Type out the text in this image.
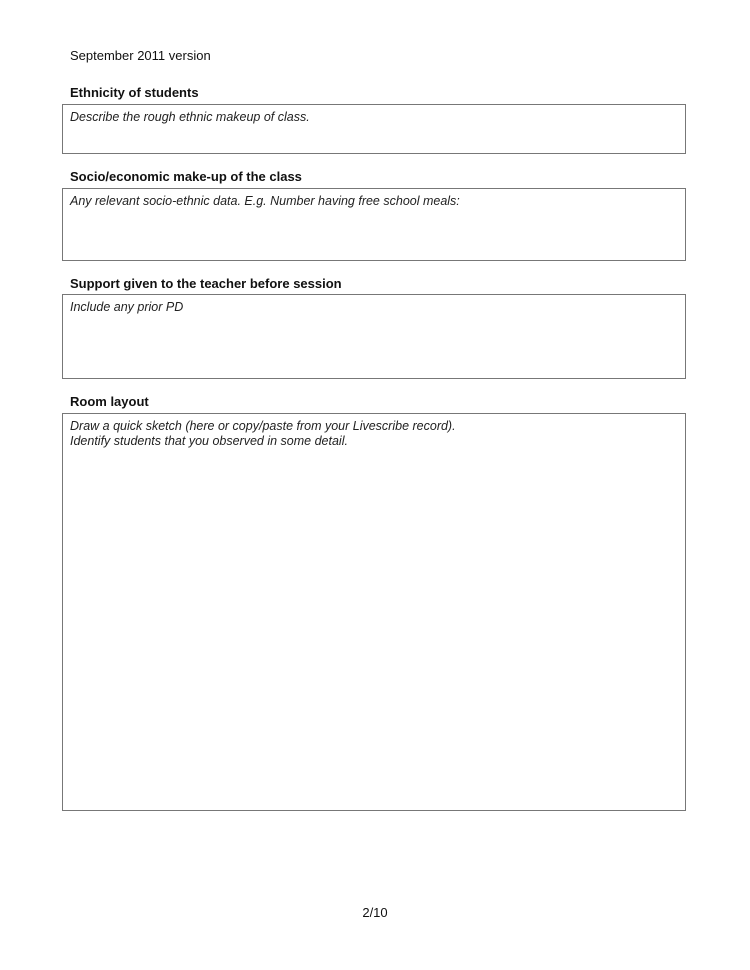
September 2011 version
Ethnicity of students
Describe the rough ethnic makeup of class.
Socio/economic make-up of the class
Any relevant socio-ethnic data. E.g. Number having free school meals:
Support given to the teacher before session
Include any prior PD
Room layout
Draw a quick sketch (here or copy/paste from your Livescribe record).
Identify students that you observed in some detail.
2/10
